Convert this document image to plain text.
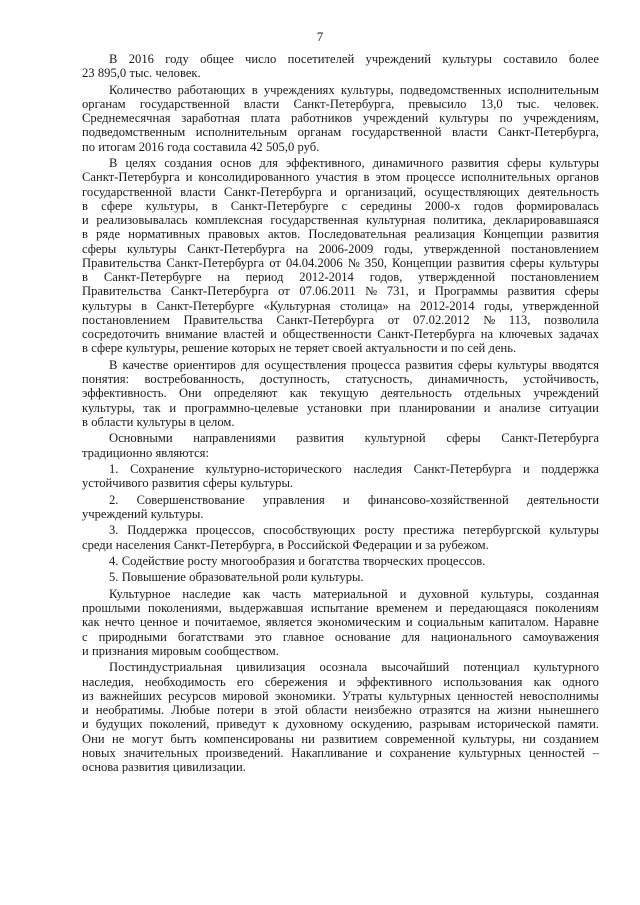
7
В 2016 году общее число посетителей учреждений культуры составило более
23 895,0 тыс. человек.
Количество работающих в учреждениях культуры, подведомственных исполнительным
органам государственной власти Санкт-Петербурга, превысило 13,0 тыс. человек.
Среднемесячная заработная плата работников учреждений культуры по учреждениям,
подведомственным исполнительным органам государственной власти Санкт-Петербурга,
по итогам 2016 года составила 42 505,0 руб.
В целях создания основ для эффективного, динамичного развития сферы культуры
Санкт-Петербурга и консолидированного участия в этом процессе исполнительных органов
государственной власти Санкт-Петербурга и организаций, осуществляющих деятельность
в сфере культуры, в Санкт-Петербурге с середины 2000-х годов формировалась
и реализовывалась комплексная государственная культурная политика, декларировавшаяся
в ряде нормативных правовых актов. Последовательная реализация Концепции развития
сферы культуры Санкт-Петербурга на 2006-2009 годы, утвержденной постановлением
Правительства Санкт-Петербурга от 04.04.2006 № 350, Концепции развития сферы культуры
в Санкт-Петербурге на период 2012-2014 годов, утвержденной постановлением
Правительства Санкт-Петербурга от 07.06.2011 № 731, и Программы развития сферы
культуры в Санкт-Петербурге «Культурная столица» на 2012-2014 годы, утвержденной
постановлением Правительства Санкт-Петербурга от 07.02.2012 № 113, позволила
сосредоточить внимание властей и общественности Санкт-Петербурга на ключевых задачах
в сфере культуры, решение которых не теряет своей актуальности и по сей день.
В качестве ориентиров для осуществления процесса развития сферы культуры вводятся
понятия: востребованность, доступность, статусность, динамичность, устойчивость,
эффективность. Они определяют как текущую деятельность отдельных учреждений
культуры, так и программно-целевые установки при планировании и анализе ситуации
в области культуры в целом.
Основными направлениями развития культурной сферы Санкт-Петербурга
традиционно являются:
1. Сохранение культурно-исторического наследия Санкт-Петербурга и поддержка
устойчивого развития сферы культуры.
2. Совершенствование управления и финансово-хозяйственной деятельности
учреждений культуры.
3. Поддержка процессов, способствующих росту престижа петербургской культуры
среди населения Санкт-Петербурга, в Российской Федерации и за рубежом.
4. Содействие росту многообразия и богатства творческих процессов.
5. Повышение образовательной роли культуры.
Культурное наследие как часть материальной и духовной культуры, созданная
прошлыми поколениями, выдержавшая испытание временем и передающаяся поколениям
как нечто ценное и почитаемое, является экономическим и социальным капиталом. Наравне
с природными богатствами это главное основание для национального самоуважения
и признания мировым сообществом.
Постиндустриальная цивилизация осознала высочайший потенциал культурного
наследия, необходимость его сбережения и эффективного использования как одного
из важнейших ресурсов мировой экономики. Утраты культурных ценностей невосполнимы
и необратимы. Любые потери в этой области неизбежно отразятся на жизни нынешнего
и будущих поколений, приведут к духовному оскудению, разрывам исторической памяти.
Они не могут быть компенсированы ни развитием современной культуры, ни созданием
новых значительных произведений. Накапливание и сохранение культурных ценностей –
основа развития цивилизации.
